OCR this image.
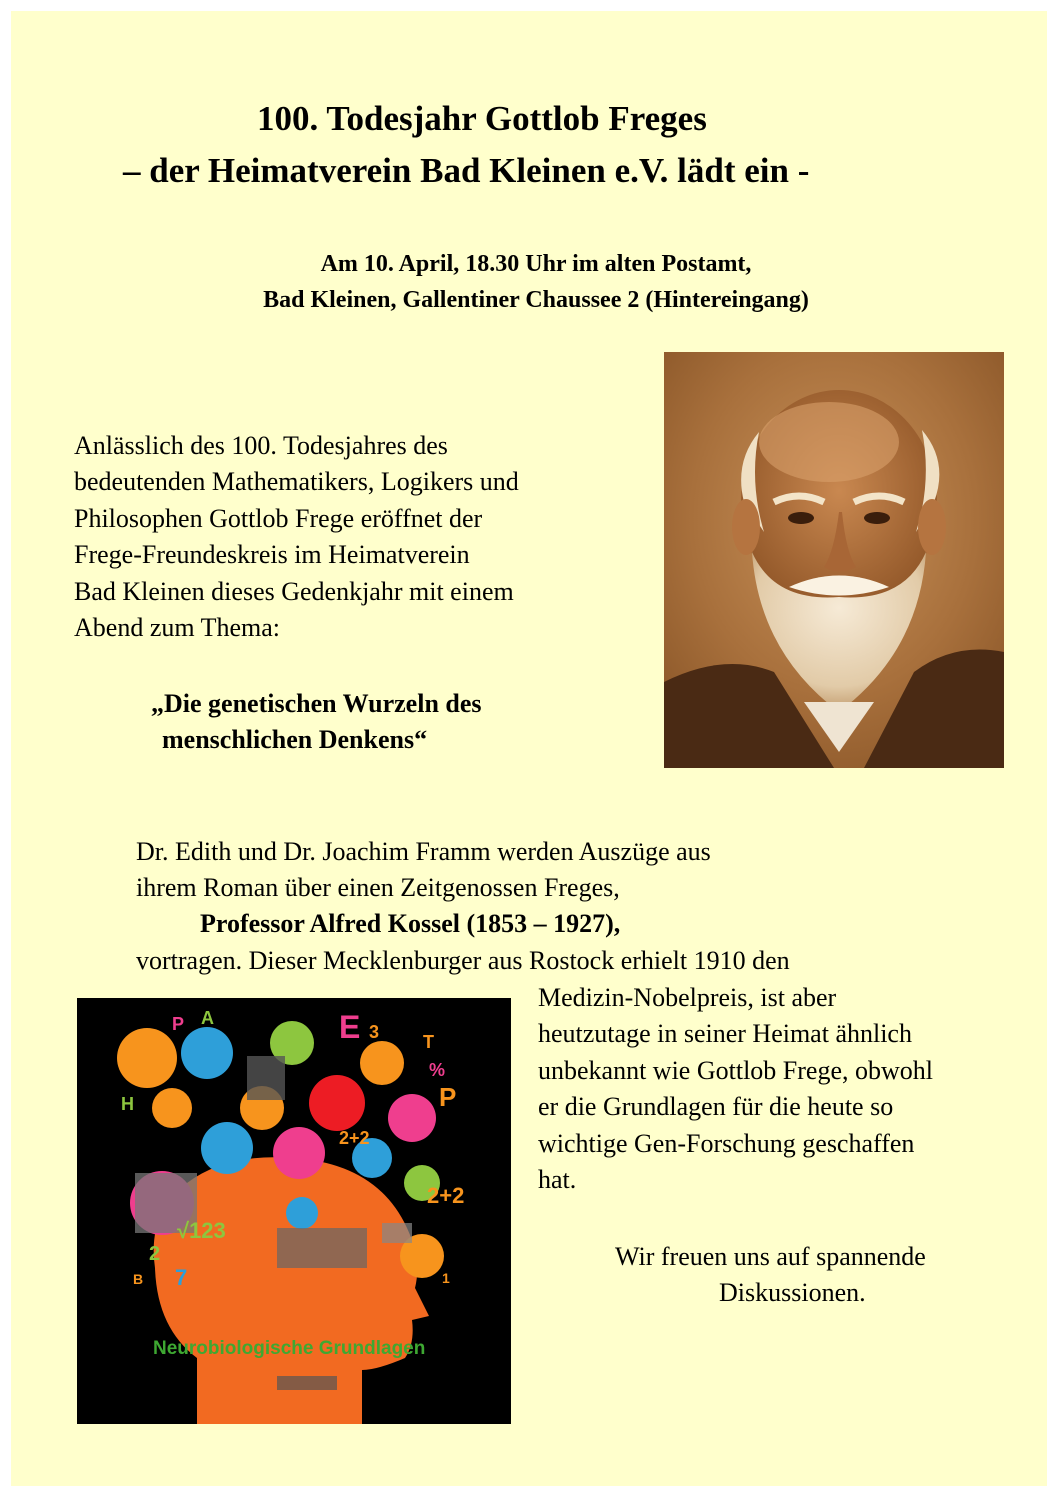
100. Todesjahr Gottlob Freges
– der Heimatverein Bad Kleinen e.V. lädt ein -
Am 10. April, 18.30 Uhr im alten Postamt,
Bad Kleinen, Gallentiner Chaussee 2 (Hintereingang)
Anlässlich des 100. Todesjahres des
bedeutenden Mathematikers, Logikers und
Philosophen Gottlob Frege eröffnet der
Frege-Freundeskreis im Heimatverein
Bad Kleinen dieses Gedenkjahr mit einem
Abend zum Thema:
„Die genetischen Wurzeln des
menschlichen Denkens“
Dr. Edith und Dr. Joachim Framm werden Auszüge aus
ihrem Roman über einen Zeitgenossen Freges,
Professor Alfred Kossel (1853 – 1927),
vortragen. Dieser Mecklenburger aus Rostock erhielt 1910 den
Medizin-Nobelpreis, ist aber
heutzutage in seiner Heimat ähnlich
unbekannt wie Gottlob Frege, obwohl
er die Grundlagen für die heute so
wichtige Gen-Forschung geschaffen
hat.
Wir freuen uns auf spannende
Diskussionen.
A
P	E 3 T
%
P
H
2+2
2+2
2
7
B	1
√123
Neurobiologische Grundlagen
